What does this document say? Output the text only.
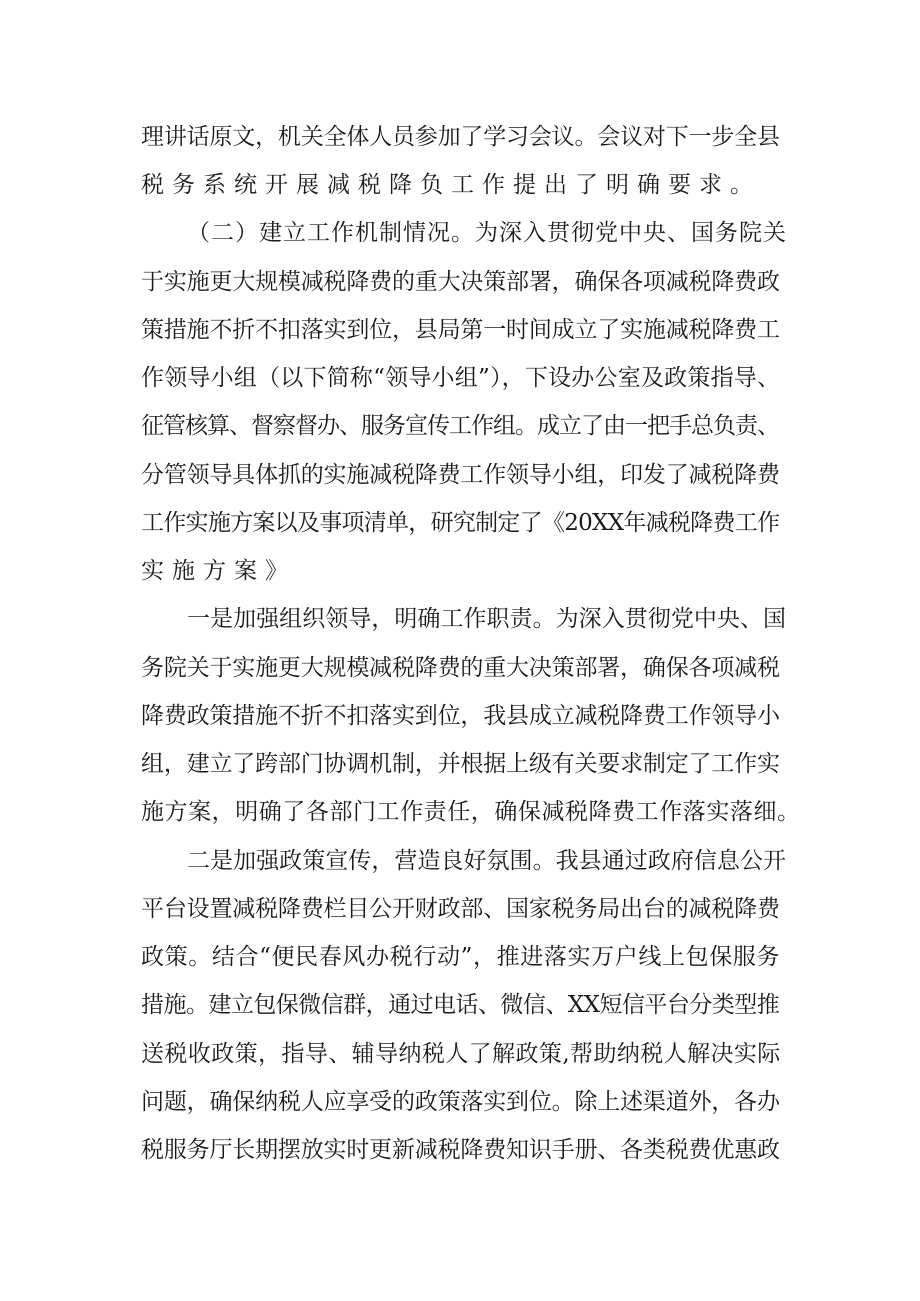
理讲话原文，机关全体人员参加了学习会议。会议对下一步全县
税务系统开展减税降负工作提出了明确要求。
（二）建立工作机制情况。为深入贯彻党中央、国务院关
于实施更大规模减税降费的重大决策部署，确保各项减税降费政
策措施不折不扣落实到位，县局第一时间成立了实施减税降费工
作领导小组（以下简称“领导小组”），下设办公室及政策指导、
征管核算、督察督办、服务宣传工作组。成立了由一把手总负责、
分管领导具体抓的实施减税降费工作领导小组，印发了减税降费
工作实施方案以及事项清单，研究制定了《20XX年减税降费工作
实施方案》
一是加强组织领导，明确工作职责。为深入贯彻党中央、国
务院关于实施更大规模减税降费的重大决策部署，确保各项减税
降费政策措施不折不扣落实到位，我县成立减税降费工作领导小
组，建立了跨部门协调机制，并根据上级有关要求制定了工作实
施方案，明确了各部门工作责任，确保减税降费工作落实落细。
二是加强政策宣传，营造良好氛围。我县通过政府信息公开
平台设置减税降费栏目公开财政部、国家税务局出台的减税降费
政策。结合“便民春风办税行动”，推进落实万户线上包保服务
措施。建立包保微信群，通过电话、微信、XX短信平台分类型推
送税收政策，指导、辅导纳税人了解政策,帮助纳税人解决实际
问题，确保纳税人应享受的政策落实到位。除上述渠道外，各办
税服务厅长期摆放实时更新减税降费知识手册、各类税费优惠政
